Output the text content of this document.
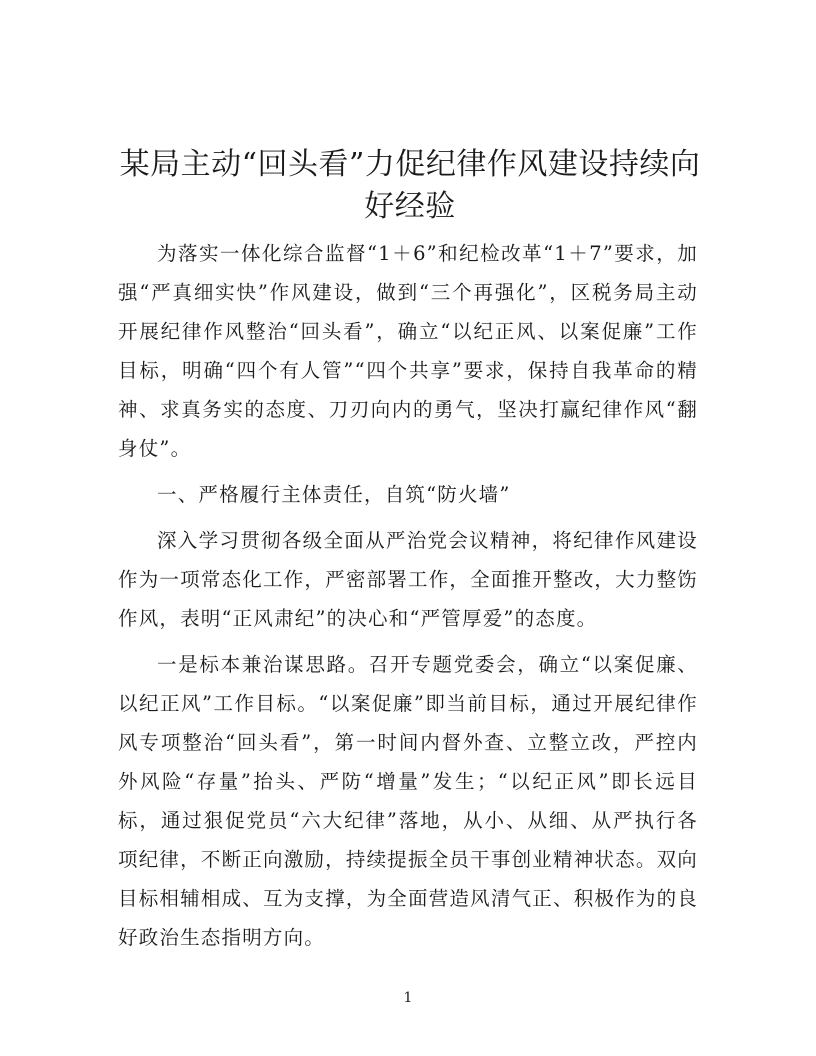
某局主动“回头看”力促纪律作风建设持续向
好经验

为落实一体化综合监督“1＋6”和纪检改革“1＋7”要求，加强“严真细实快”作风建设，做到“三个再强化”，区税务局主动开展纪律作风整治“回头看”，确立“以纪正风、以案促廉”工作目标，明确“四个有人管”“四个共享”要求，保持自我革命的精神、求真务实的态度、刀刃向内的勇气，坚决打赢纪律作风“翻身仗”。

一、严格履行主体责任，自筑“防火墙”

深入学习贯彻各级全面从严治党会议精神，将纪律作风建设作为一项常态化工作，严密部署工作，全面推开整改，大力整饬作风，表明“正风肃纪”的决心和“严管厚爱”的态度。

一是标本兼治谋思路。召开专题党委会，确立“以案促廉、以纪正风”工作目标。“以案促廉”即当前目标，通过开展纪律作风专项整治“回头看”，第一时间内督外查、立整立改，严控内外风险“存量”抬头、严防“增量”发生；“以纪正风”即长远目标，通过狠促党员“六大纪律”落地，从小、从细、从严执行各项纪律，不断正向激励，持续提振全员干事创业精神状态。双向目标相辅相成、互为支撑，为全面营造风清气正、积极作为的良好政治生态指明方向。

1
